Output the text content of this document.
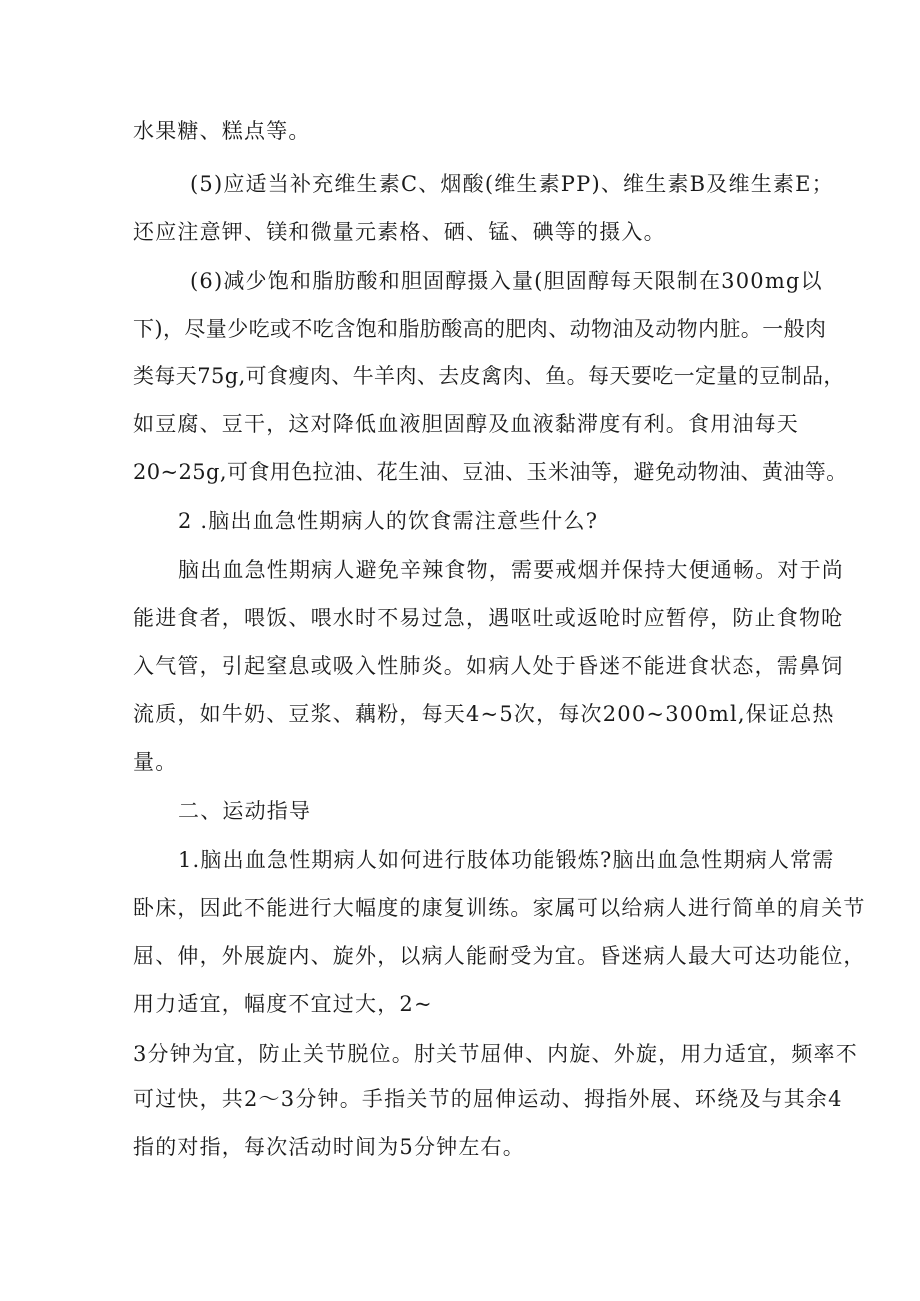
水果糖、糕点等。
(5)应适当补充维生素C、烟酸(维生素PP)、维生素B及维生素E；
还应注意钾、镁和微量元素格、硒、锰、碘等的摄入。
(6)减少饱和脂肪酸和胆固醇摄入量(胆固醇每天限制在300mg以
下)，尽量少吃或不吃含饱和脂肪酸高的肥肉、动物油及动物内脏。一般肉
类每天75g,可食瘦肉、牛羊肉、去皮禽肉、鱼。每天要吃一定量的豆制品，
如豆腐、豆干，这对降低血液胆固醇及血液黏滞度有利。食用油每天
20~25g,可食用色拉油、花生油、豆油、玉米油等，避免动物油、黄油等。
2 .脑出血急性期病人的饮食需注意些什么?
脑出血急性期病人避免辛辣食物，需要戒烟并保持大便通畅。对于尚
能进食者，喂饭、喂水时不易过急，遇呕吐或返呛时应暂停，防止食物呛
入气管，引起窒息或吸入性肺炎。如病人处于昏迷不能进食状态，需鼻饲
流质，如牛奶、豆浆、藕粉，每天4~5次，每次200~300ml,保证总热
量。
二、运动指导
1.脑出血急性期病人如何进行肢体功能锻炼?脑出血急性期病人常需
卧床，因此不能进行大幅度的康复训练。家属可以给病人进行简单的肩关节
屈、伸，外展旋内、旋外，以病人能耐受为宜。昏迷病人最大可达功能位，
用力适宜，幅度不宜过大，2~
3分钟为宜，防止关节脱位。肘关节屈伸、内旋、外旋，用力适宜，频率不
可过快，共2～3分钟。手指关节的屈伸运动、拇指外展、环绕及与其余4
指的对指，每次活动时间为5分钟左右。
